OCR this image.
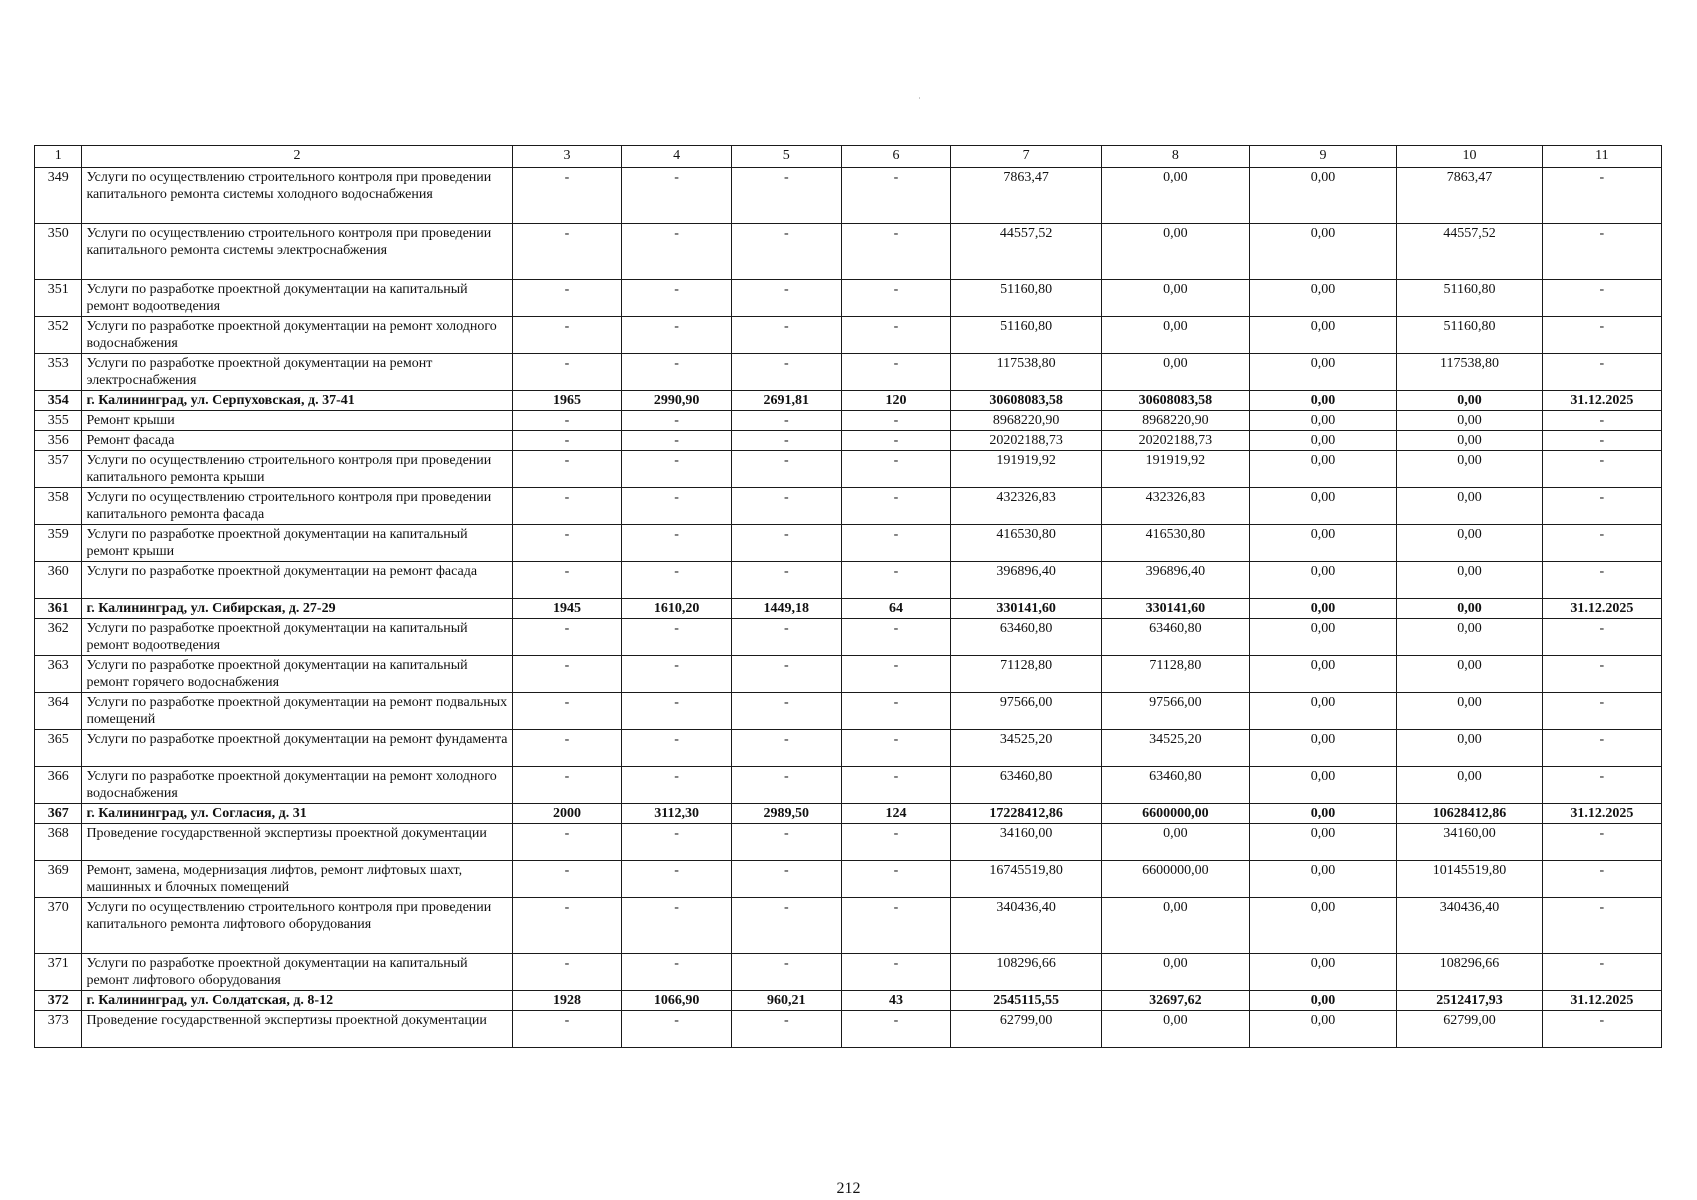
˙
1	2	3	4	5	6	7	8	9	10	11
349	Услуги по осуществлению строительного контроля при проведении капитального ремонта системы холодного водоснабжения	-	-	-	-	7863,47	0,00	0,00	7863,47	-
350	Услуги по осуществлению строительного контроля при проведении капитального ремонта системы электроснабжения	-	-	-	-	44557,52	0,00	0,00	44557,52	-
351	Услуги по разработке проектной документации на капитальный ремонт водоотведения	-	-	-	-	51160,80	0,00	0,00	51160,80	-
352	Услуги по разработке проектной документации на ремонт холодного водоснабжения	-	-	-	-	51160,80	0,00	0,00	51160,80	-
353	Услуги по разработке проектной документации на ремонт электроснабжения	-	-	-	-	117538,80	0,00	0,00	117538,80	-
354	г. Калининград, ул. Серпуховская, д. 37-41	1965	2990,90	2691,81	120	30608083,58	30608083,58	0,00	0,00	31.12.2025
355	Ремонт крыши	-	-	-	-	8968220,90	8968220,90	0,00	0,00	-
356	Ремонт фасада	-	-	-	-	20202188,73	20202188,73	0,00	0,00	-
357	Услуги по осуществлению строительного контроля при проведении капитального ремонта крыши	-	-	-	-	191919,92	191919,92	0,00	0,00	-
358	Услуги по осуществлению строительного контроля при проведении капитального ремонта фасада	-	-	-	-	432326,83	432326,83	0,00	0,00	-
359	Услуги по разработке проектной документации на капитальный ремонт крыши	-	-	-	-	416530,80	416530,80	0,00	0,00	-
360	Услуги по разработке проектной документации на ремонт фасада	-	-	-	-	396896,40	396896,40	0,00	0,00	-
361	г. Калининград, ул. Сибирская, д. 27-29	1945	1610,20	1449,18	64	330141,60	330141,60	0,00	0,00	31.12.2025
362	Услуги по разработке проектной документации на капитальный ремонт водоотведения	-	-	-	-	63460,80	63460,80	0,00	0,00	-
363	Услуги по разработке проектной документации на капитальный ремонт горячего водоснабжения	-	-	-	-	71128,80	71128,80	0,00	0,00	-
364	Услуги по разработке проектной документации на ремонт подвальных помещений	-	-	-	-	97566,00	97566,00	0,00	0,00	-
365	Услуги по разработке проектной документации на ремонт фундамента	-	-	-	-	34525,20	34525,20	0,00	0,00	-
366	Услуги по разработке проектной документации на ремонт холодного водоснабжения	-	-	-	-	63460,80	63460,80	0,00	0,00	-
367	г. Калининград, ул. Согласия, д. 31	2000	3112,30	2989,50	124	17228412,86	6600000,00	0,00	10628412,86	31.12.2025
368	Проведение государственной экспертизы проектной документации	-	-	-	-	34160,00	0,00	0,00	34160,00	-
369	Ремонт, замена, модернизация лифтов, ремонт лифтовых шахт, машинных и блочных помещений	-	-	-	-	16745519,80	6600000,00	0,00	10145519,80	-
370	Услуги по осуществлению строительного контроля при проведении капитального ремонта лифтового оборудования	-	-	-	-	340436,40	0,00	0,00	340436,40	-
371	Услуги по разработке проектной документации на капитальный ремонт лифтового оборудования	-	-	-	-	108296,66	0,00	0,00	108296,66	-
372	г. Калининград, ул. Солдатская, д. 8-12	1928	1066,90	960,21	43	2545115,55	32697,62	0,00	2512417,93	31.12.2025
373	Проведение государственной экспертизы проектной документации	-	-	-	-	62799,00	0,00	0,00	62799,00	-
212
